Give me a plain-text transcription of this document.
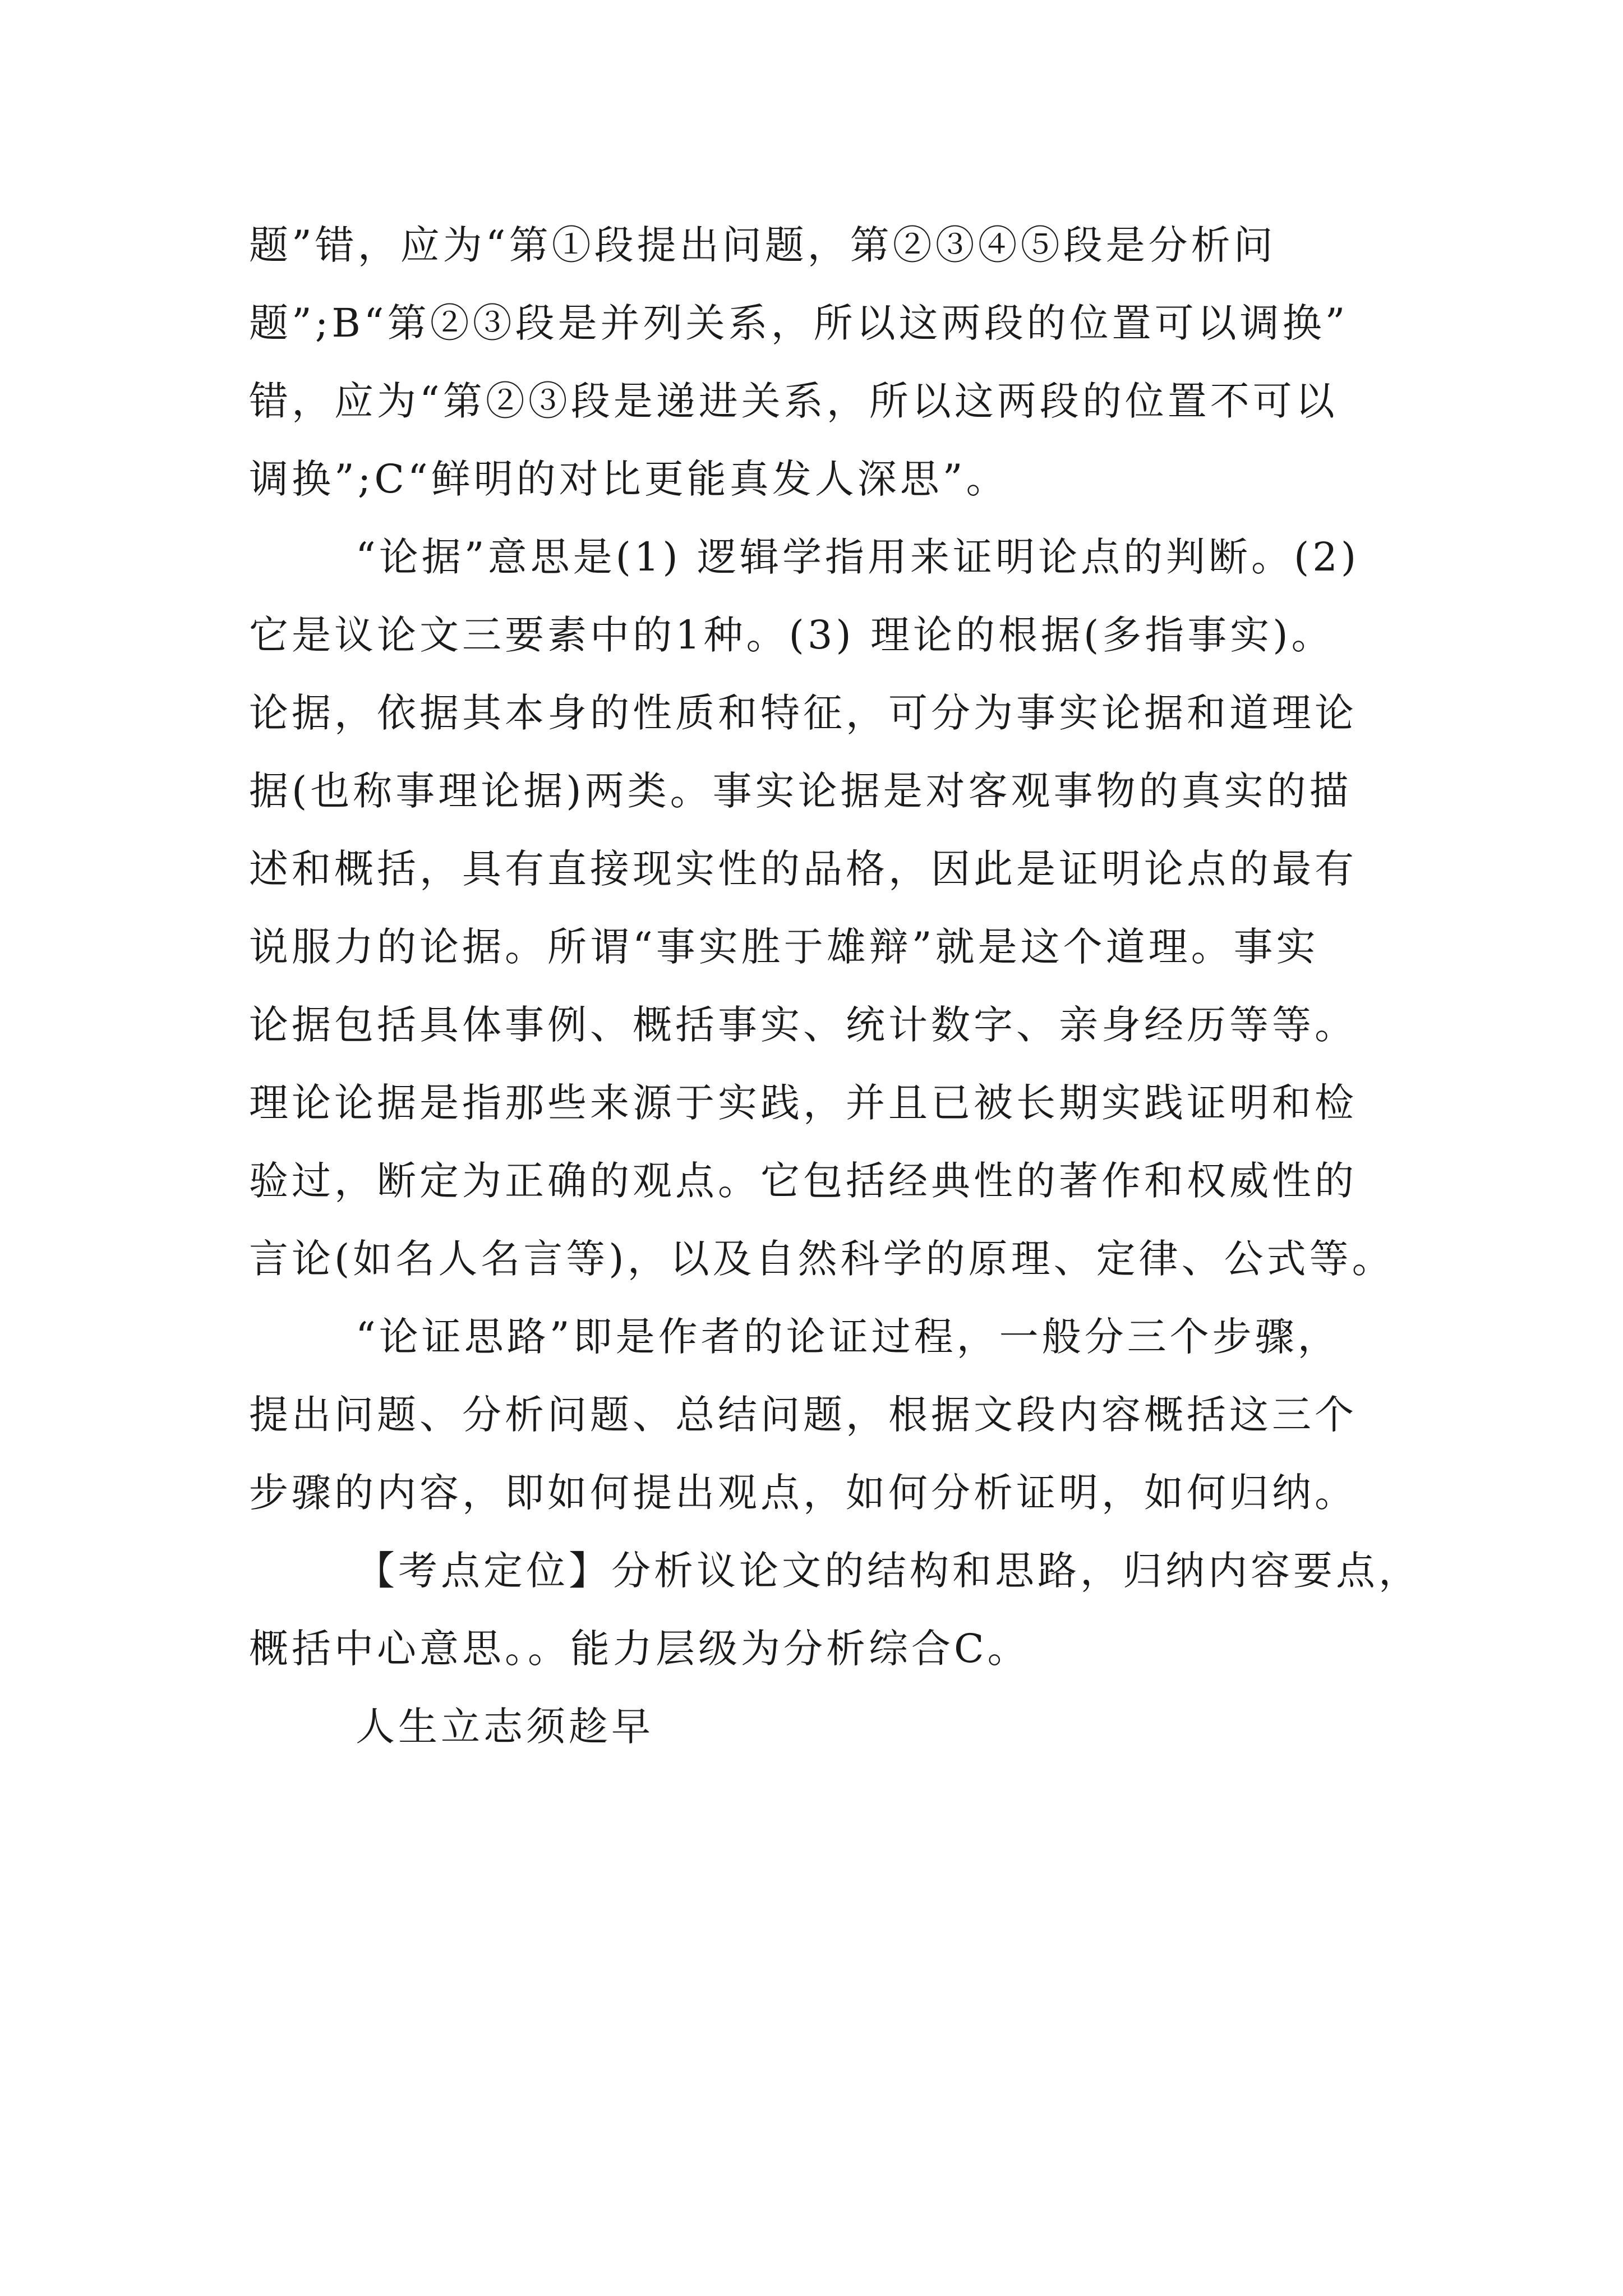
题”错，应为“第①段提出问题，第②③④⑤段是分析问
题”;B“第②③段是并列关系，所以这两段的位置可以调换”
错，应为“第②③段是递进关系，所以这两段的位置不可以
调换”;C“鲜明的对比更能真发人深思”。
“论据”意思是(1) 逻辑学指用来证明论点的判断。(2)
它是议论文三要素中的1种。(3) 理论的根据(多指事实)。
论据，依据其本身的性质和特征，可分为事实论据和道理论
据(也称事理论据)两类。事实论据是对客观事物的真实的描
述和概括，具有直接现实性的品格，因此是证明论点的最有
说服力的论据。所谓“事实胜于雄辩”就是这个道理。事实
论据包括具体事例、概括事实、统计数字、亲身经历等等。
理论论据是指那些来源于实践，并且已被长期实践证明和检
验过，断定为正确的观点。它包括经典性的著作和权威性的
言论(如名人名言等)，以及自然科学的原理、定律、公式等。
“论证思路”即是作者的论证过程，一般分三个步骤，
提出问题、分析问题、总结问题，根据文段内容概括这三个
步骤的内容，即如何提出观点，如何分析证明，如何归纳。
【考点定位】分析议论文的结构和思路，归纳内容要点，
概括中心意思。。能力层级为分析综合C。
人生立志须趁早
